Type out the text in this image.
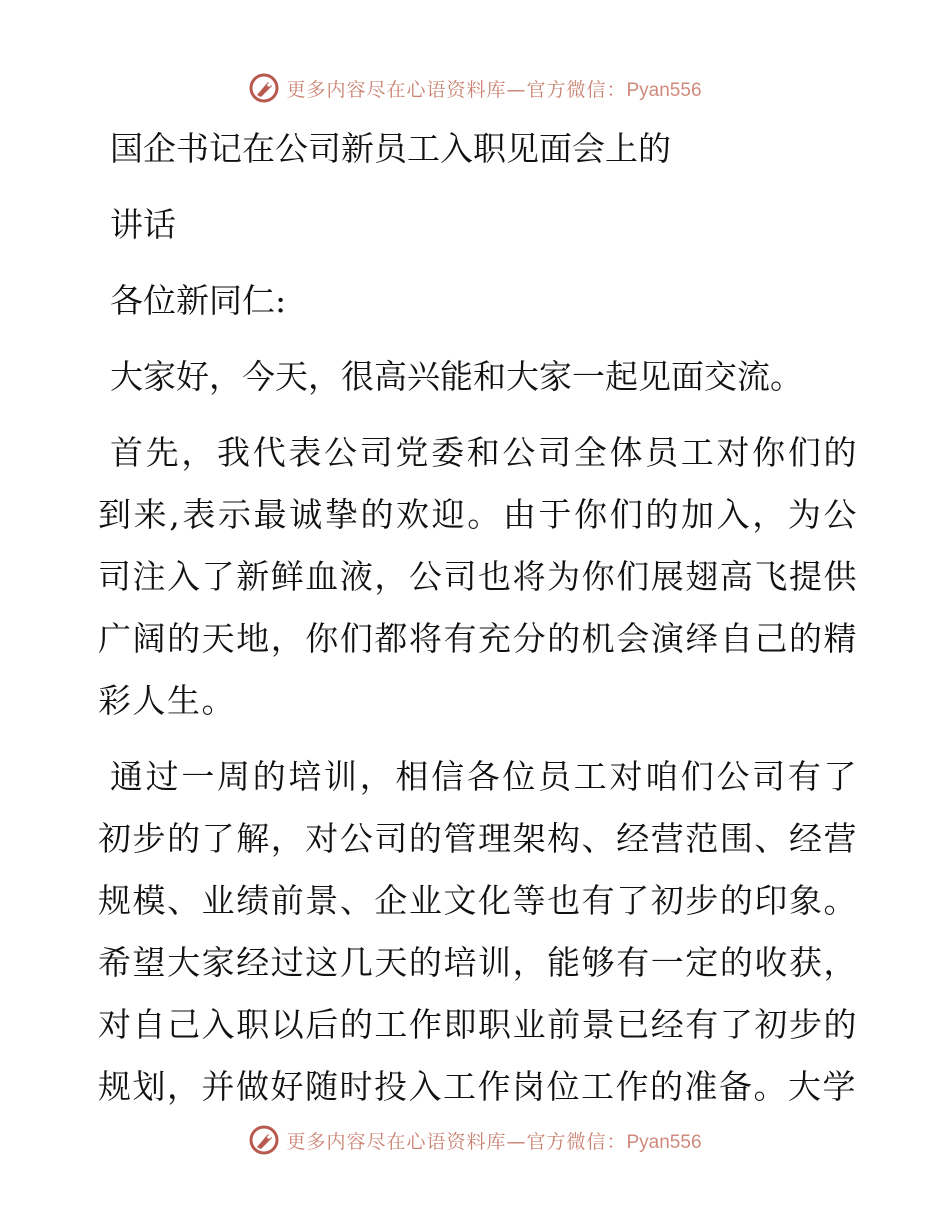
更多内容尽在心语资料库—官方微信：Pyan556

国企书记在公司新员工入职见面会上的

讲话

各位新同仁:

大家好，今天，很高兴能和大家一起见面交流。

首先，我代表公司党委和公司全体员工对你们的到来,表示最诚挚的欢迎。由于你们的加入，为公司注入了新鲜血液，公司也将为你们展翅高飞提供广阔的天地，你们都将有充分的机会演绎自己的精彩人生。

通过一周的培训，相信各位员工对咱们公司有了初步的了解，对公司的管理架构、经营范围、经营规模、业绩前景、企业文化等也有了初步的印象。希望大家经过这几天的培训，能够有一定的收获，对自己入职以后的工作即职业前景已经有了初步的规划，并做好随时投入工作岗位工作的准备。大学

更多内容尽在心语资料库—官方微信：Pyan556
